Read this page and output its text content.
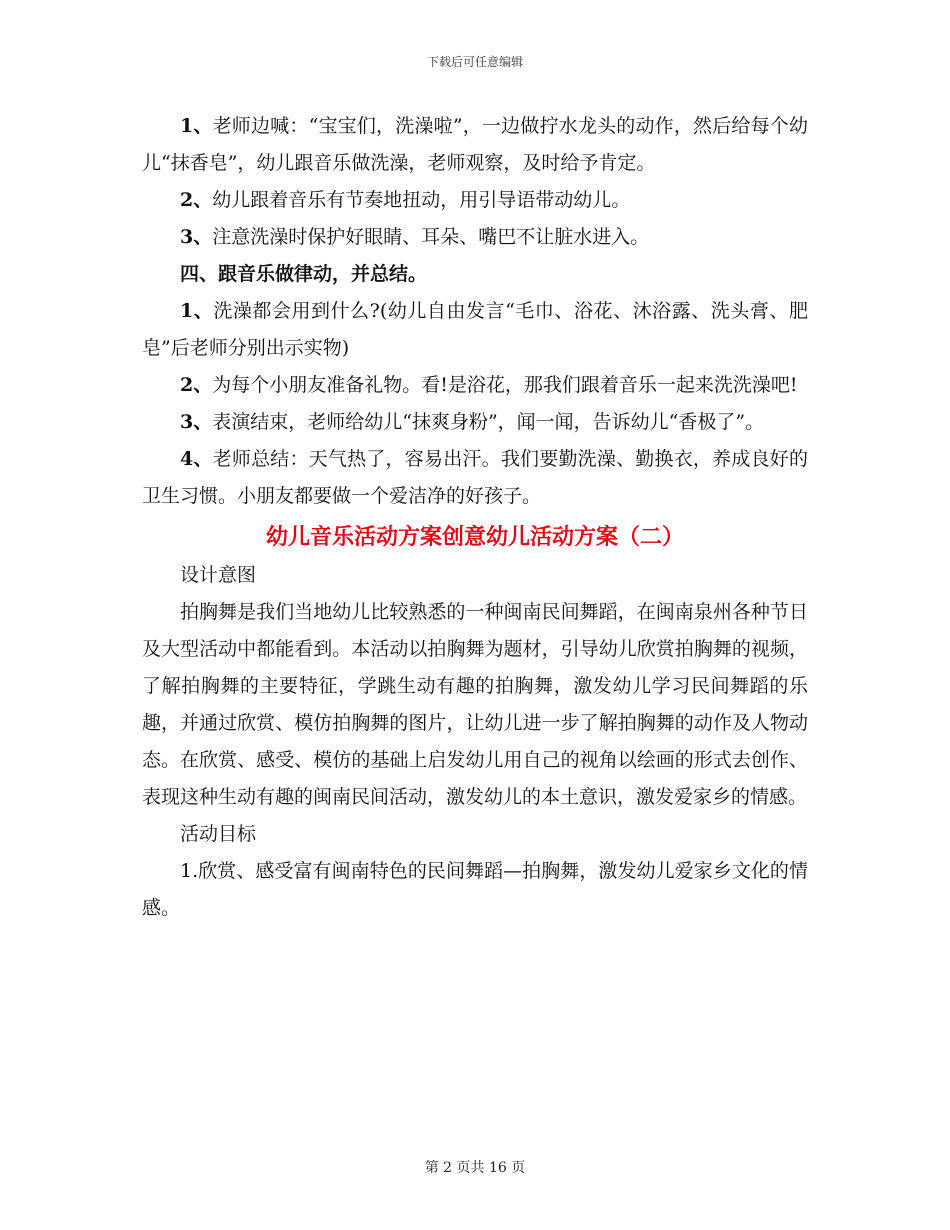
下载后可任意编辑

1、老师边喊：“宝宝们，洗澡啦”，一边做拧水龙头的动作，然后给每个幼儿“抹香皂”，幼儿跟音乐做洗澡，老师观察，及时给予肯定。

2、幼儿跟着音乐有节奏地扭动，用引导语带动幼儿。

3、注意洗澡时保护好眼睛、耳朵、嘴巴不让脏水进入。

四、跟音乐做律动，并总结。

1、洗澡都会用到什么?(幼儿自由发言“毛巾、浴花、沐浴露、洗头膏、肥皂”后老师分别出示实物)

2、为每个小朋友准备礼物。看!是浴花，那我们跟着音乐一起来洗洗澡吧!

3、表演结束，老师给幼儿“抹爽身粉”，闻一闻，告诉幼儿“香极了”。

4、老师总结：天气热了，容易出汗。我们要勤洗澡、勤换衣，养成良好的卫生习惯。小朋友都要做一个爱洁净的好孩子。

幼儿音乐活动方案创意幼儿活动方案（二）

设计意图

拍胸舞是我们当地幼儿比较熟悉的一种闽南民间舞蹈，在闽南泉州各种节日及大型活动中都能看到。本活动以拍胸舞为题材，引导幼儿欣赏拍胸舞的视频，了解拍胸舞的主要特征，学跳生动有趣的拍胸舞，激发幼儿学习民间舞蹈的乐趣，并通过欣赏、模仿拍胸舞的图片，让幼儿进一步了解拍胸舞的动作及人物动态。在欣赏、感受、模仿的基础上启发幼儿用自己的视角以绘画的形式去创作、表现这种生动有趣的闽南民间活动，激发幼儿的本土意识，激发爱家乡的情感。

活动目标

1.欣赏、感受富有闽南特色的民间舞蹈—拍胸舞，激发幼儿爱家乡文化的情感。

第 2 页共 16 页
